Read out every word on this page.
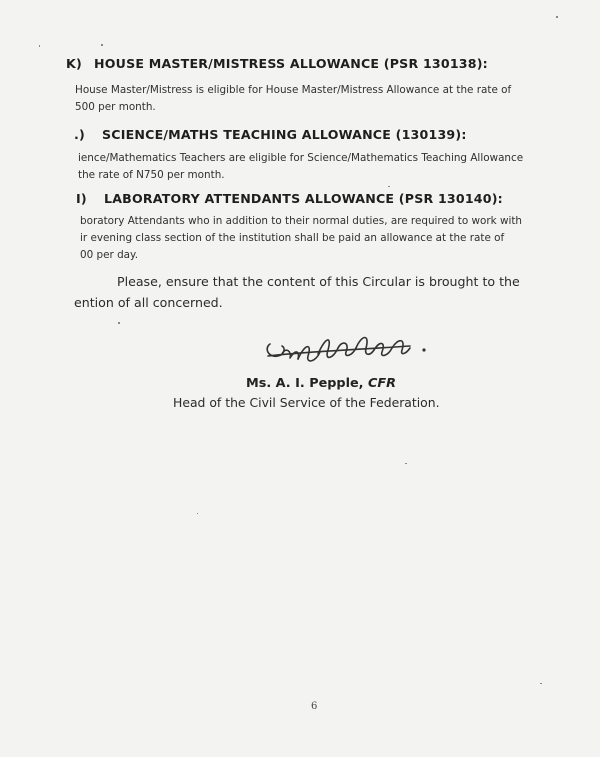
K) HOUSE MASTER/MISTRESS ALLOWANCE (PSR 130138):
House Master/Mistress is eligible for House Master/Mistress Allowance at the rate of
500 per month.
.) SCIENCE/MATHS TEACHING ALLOWANCE (130139):
ience/Mathematics Teachers are eligible for Science/Mathematics Teaching Allowance
the rate of N750 per month.
I) LABORATORY ATTENDANTS ALLOWANCE (PSR 130140):
boratory Attendants who in addition to their normal duties, are required to work with
ir evening class section of the institution shall be paid an allowance at the rate of
00 per day.
Please, ensure that the content of this Circular is brought to the
ention of all concerned.
Ms. A. I. Pepple, CFR
Head of the Civil Service of the Federation.
6
